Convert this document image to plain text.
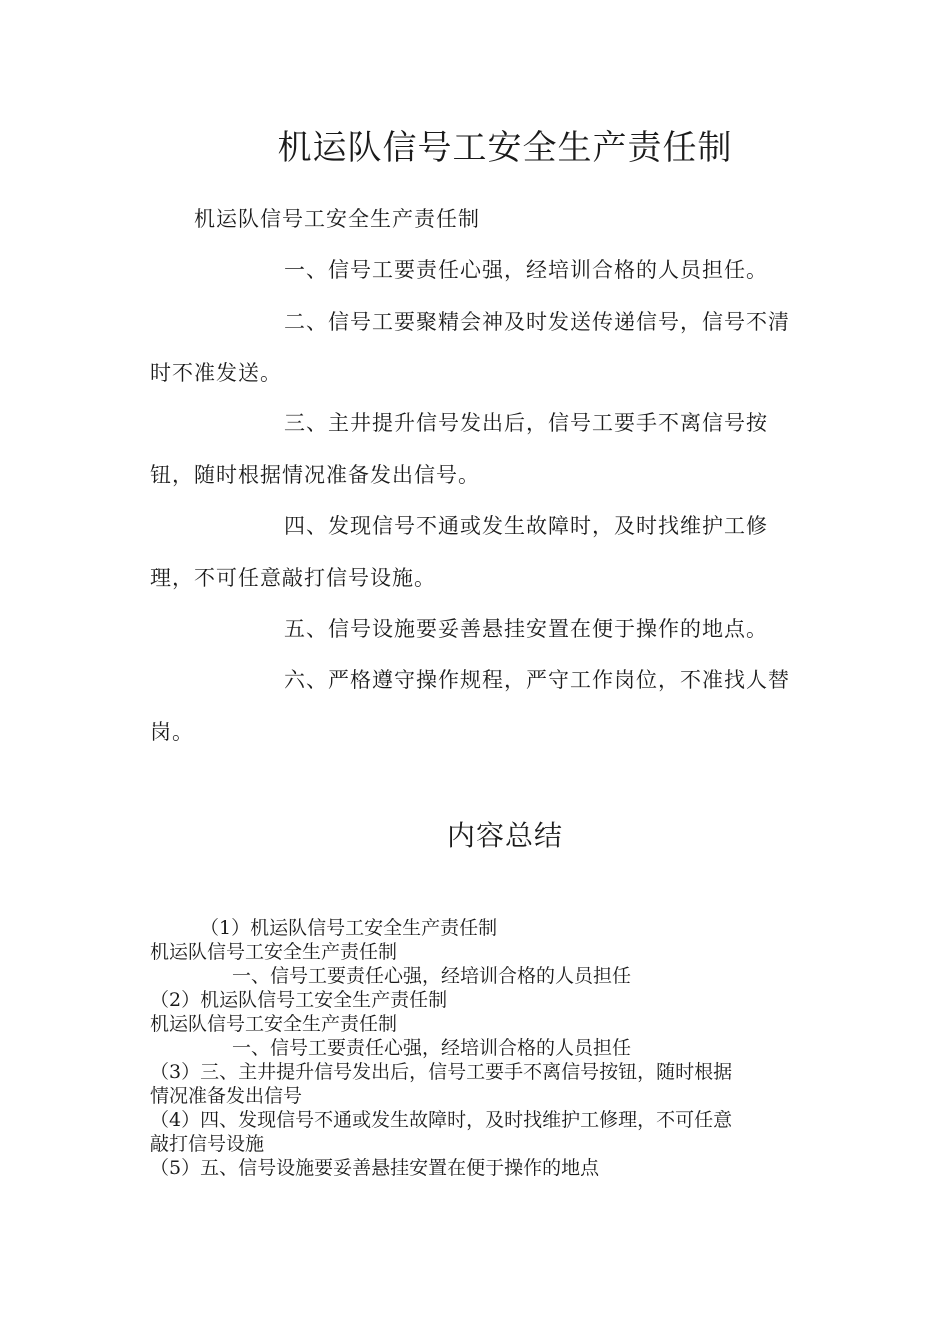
机运队信号工安全生产责任制
机运队信号工安全生产责任制
一、信号工要责任心强，经培训合格的人员担任。
二、信号工要聚精会神及时发送传递信号，信号不清
时不准发送。
三、主井提升信号发出后，信号工要手不离信号按
钮，随时根据情况准备发出信号。
四、发现信号不通或发生故障时，及时找维护工修
理，不可任意敲打信号设施。
五、信号设施要妥善悬挂安置在便于操作的地点。
六、严格遵守操作规程，严守工作岗位，不准找人替
岗。
内容总结
（1）机运队信号工安全生产责任制
机运队信号工安全生产责任制
一、信号工要责任心强，经培训合格的人员担任
（2）机运队信号工安全生产责任制
机运队信号工安全生产责任制
一、信号工要责任心强，经培训合格的人员担任
（3）三、主井提升信号发出后，信号工要手不离信号按钮，随时根据
情况准备发出信号
（4）四、发现信号不通或发生故障时，及时找维护工修理，不可任意
敲打信号设施
（5）五、信号设施要妥善悬挂安置在便于操作的地点
